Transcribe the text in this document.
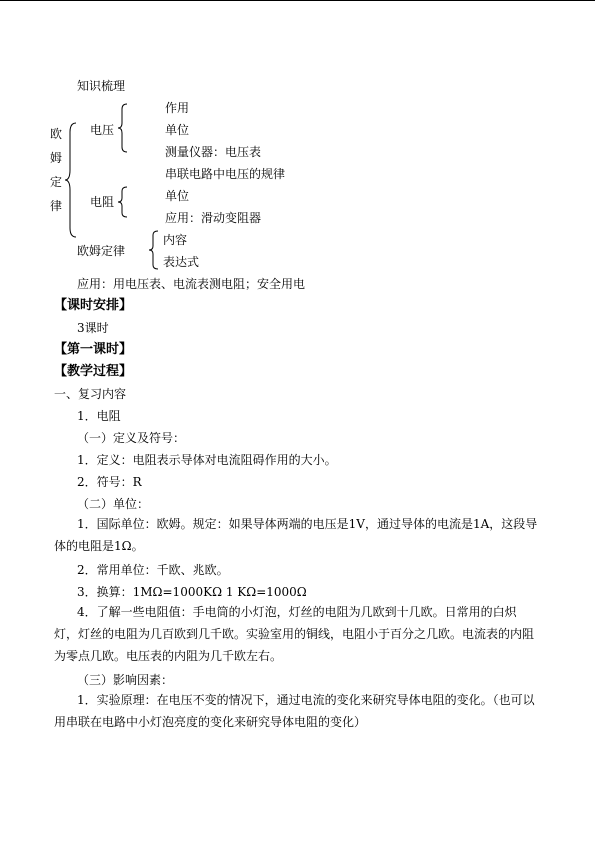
知识梳理
欧
姆
定
律
电压
作用
单位
测量仪器：电压表
串联电路中电压的规律
电阻	单位
应用：滑动变阻器
欧姆定律
内容
表达式
应用：用电压表、电流表测电阻；安全用电
【课时安排】
3课时
【第一课时】
【教学过程】
一、复习内容
1．电阻
（一）定义及符号：
1．定义：电阻表示导体对电流阻碍作用的大小。
2．符号：R
（二）单位：
1．国际单位：欧姆。规定：如果导体两端的电压是1V，通过导体的电流是1A，这段导体的电阻是1Ω。
2．常用单位：千欧、兆欧。
3．换算：1MΩ=1000KΩ 1 KΩ=1000Ω
4．了解一些电阻值：手电筒的小灯泡，灯丝的电阻为几欧到十几欧。日常用的白炽灯，灯丝的电阻为几百欧到几千欧。实验室用的铜线，电阻小于百分之几欧。电流表的内阻为零点几欧。电压表的内阻为几千欧左右。
（三）影响因素：
1．实验原理：在电压不变的情况下，通过电流的变化来研究导体电阻的变化。（也可以用串联在电路中小灯泡亮度的变化来研究导体电阻的变化）
